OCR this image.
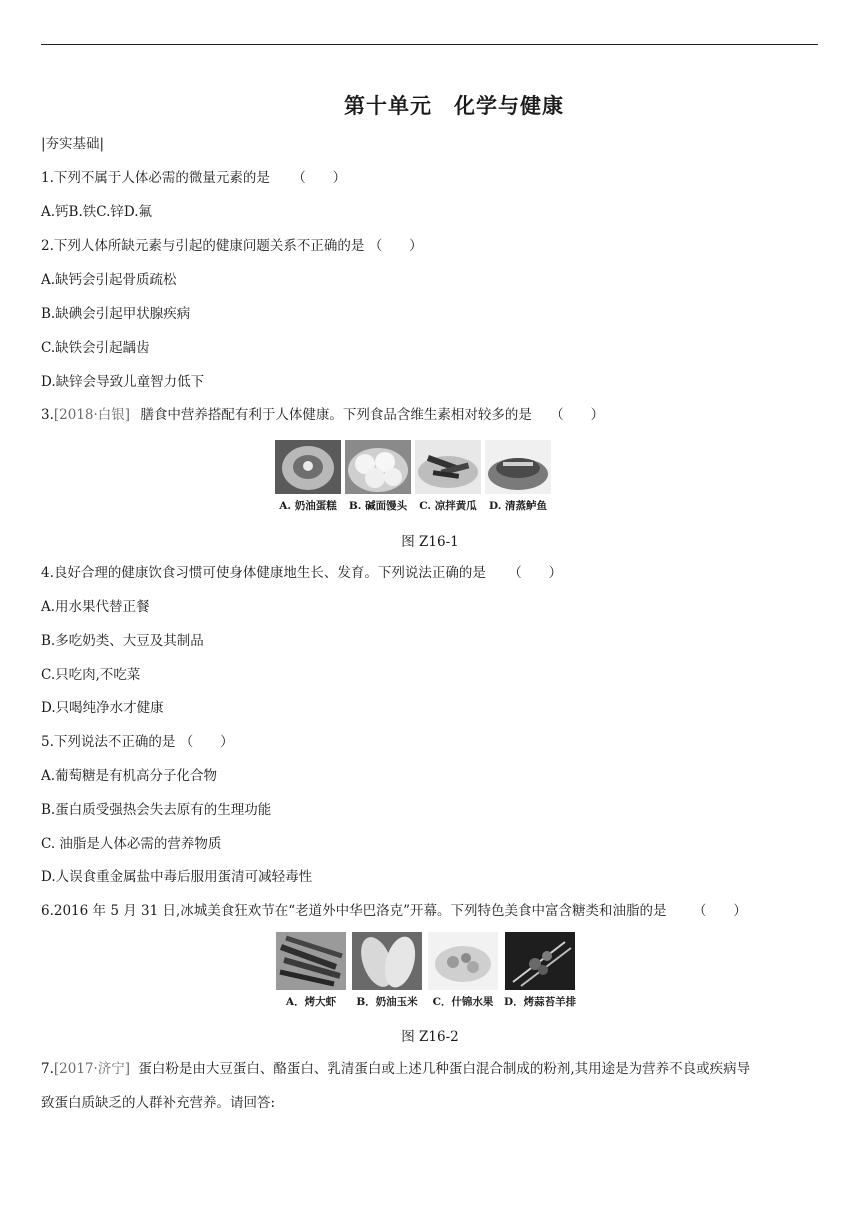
第十单元　化学与健康
|夯实基础|
1.下列不属于人体必需的微量元素的是 （　　）
A.钙B.铁C.锌D.氟
2.下列人体所缺元素与引起的健康问题关系不正确的是 （　　）
A.缺钙会引起骨质疏松
B.缺碘会引起甲状腺疾病
C.缺铁会引起龋齿
D.缺锌会导致儿童智力低下
3.[2018·白银] 膳食中营养搭配有利于人体健康。下列食品含维生素相对较多的是 （　　）
A. 奶油蛋糕 B. 碱面馒头 C. 凉拌黄瓜 D. 清蒸鲈鱼
图 Z16-1
4.良好合理的健康饮食习惯可使身体健康地生长、发育。下列说法正确的是 （　　）
A.用水果代替正餐
B.多吃奶类、大豆及其制品
C.只吃肉,不吃菜
D.只喝纯净水才健康
5.下列说法不正确的是 （　　）
A.葡萄糖是有机高分子化合物
B.蛋白质受强热会失去原有的生理功能
C. 油脂是人体必需的营养物质
D.人误食重金属盐中毒后服用蛋清可减轻毒性
6.2016 年 5 月 31 日,冰城美食狂欢节在“老道外中华巴洛克”开幕。下列特色美食中富含糖类和油脂的是 （　　）
A．烤大虾 B．奶油玉米 C．什锦水果 D．烤蒜苔羊排
图 Z16-2
7.[2017·济宁] 蛋白粉是由大豆蛋白、酪蛋白、乳清蛋白或上述几种蛋白混合制成的粉剂,其用途是为营养不良或疾病导
致蛋白质缺乏的人群补充营养。请回答:
